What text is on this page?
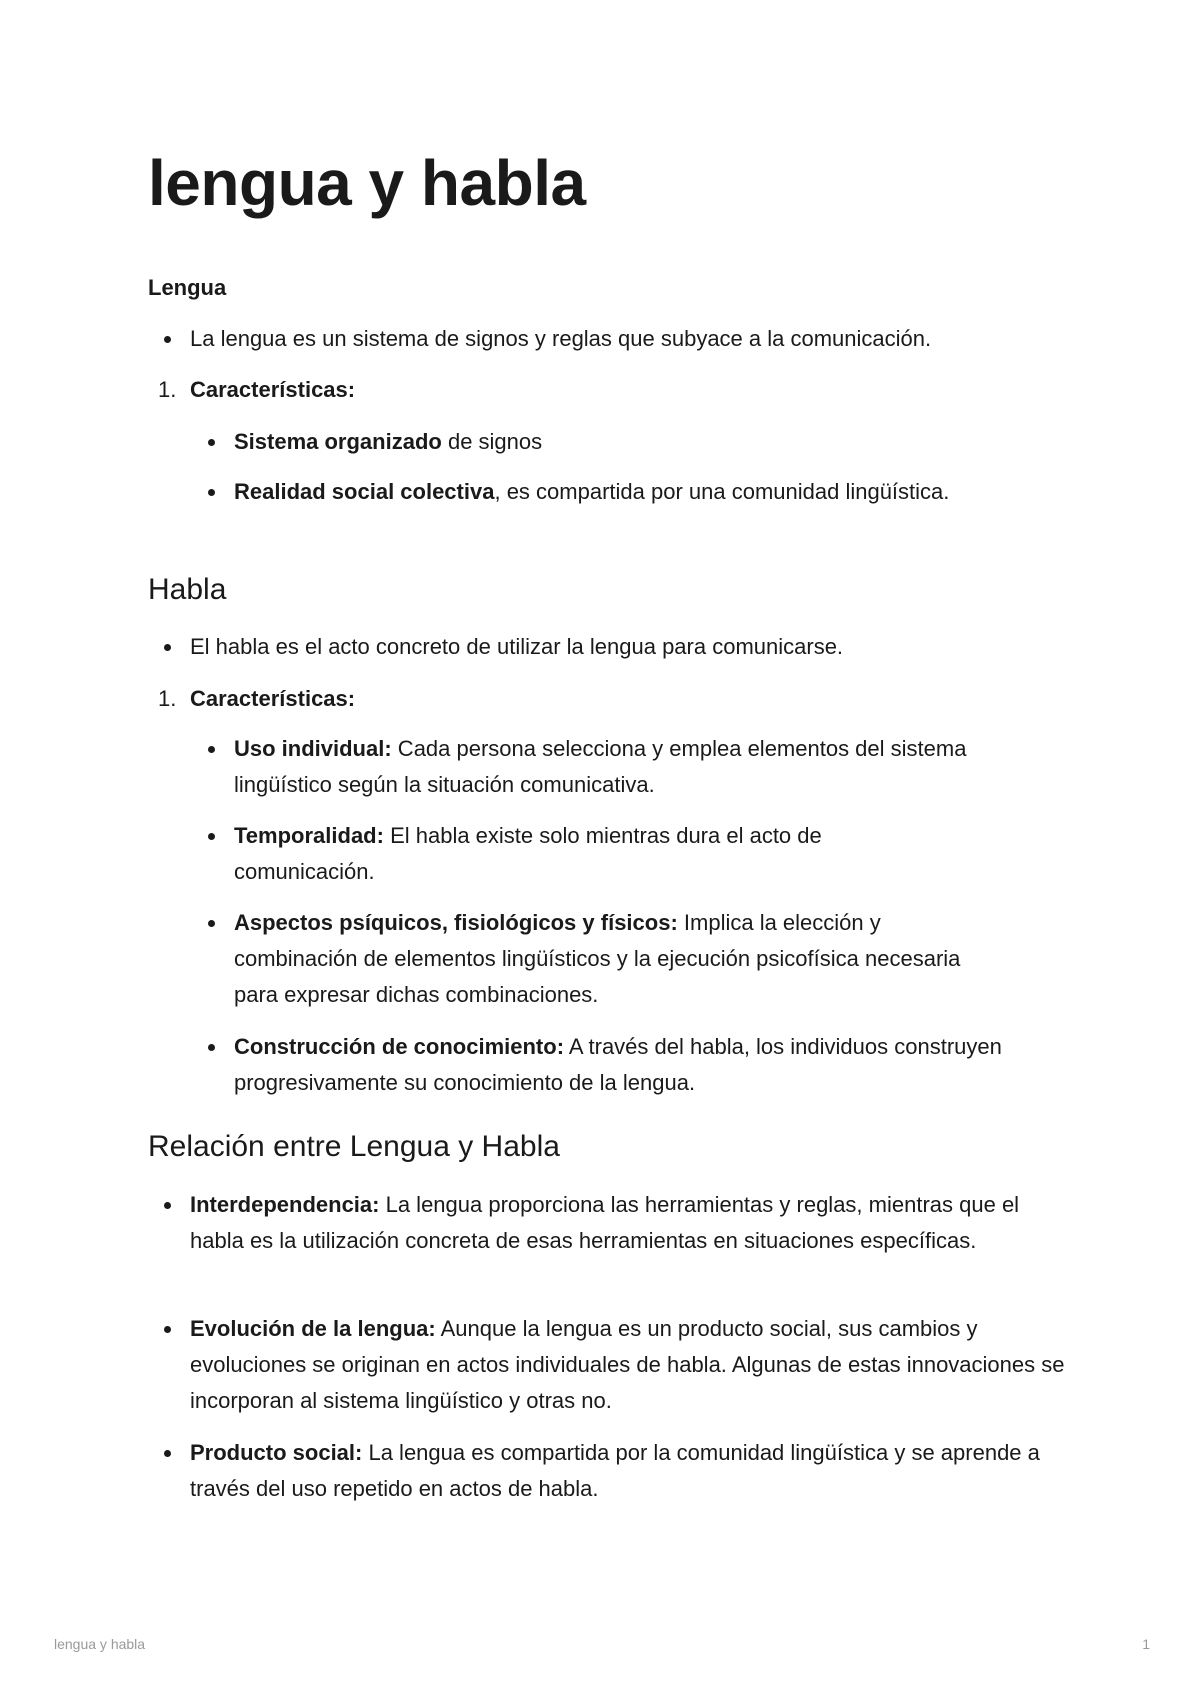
lengua y habla
Lengua
La lengua es un sistema de signos y reglas que subyace a la comunicación.
1. Características:
Sistema organizado de signos
Realidad social colectiva, es compartida por una comunidad lingüística.
Habla
El habla es el acto concreto de utilizar la lengua para comunicarse.
1. Características:
Uso individual: Cada persona selecciona y emplea elementos del sistema lingüístico según la situación comunicativa.
Temporalidad: El habla existe solo mientras dura el acto de comunicación.
Aspectos psíquicos, fisiológicos y físicos: Implica la elección y combinación de elementos lingüísticos y la ejecución psicofísica necesaria para expresar dichas combinaciones.
Construcción de conocimiento: A través del habla, los individuos construyen progresivamente su conocimiento de la lengua.
Relación entre Lengua y Habla
Interdependencia: La lengua proporciona las herramientas y reglas, mientras que el habla es la utilización concreta de esas herramientas en situaciones específicas.
Evolución de la lengua: Aunque la lengua es un producto social, sus cambios y evoluciones se originan en actos individuales de habla. Algunas de estas innovaciones se incorporan al sistema lingüístico y otras no.
Producto social: La lengua es compartida por la comunidad lingüística y se aprende a través del uso repetido en actos de habla.
lengua y habla	1
